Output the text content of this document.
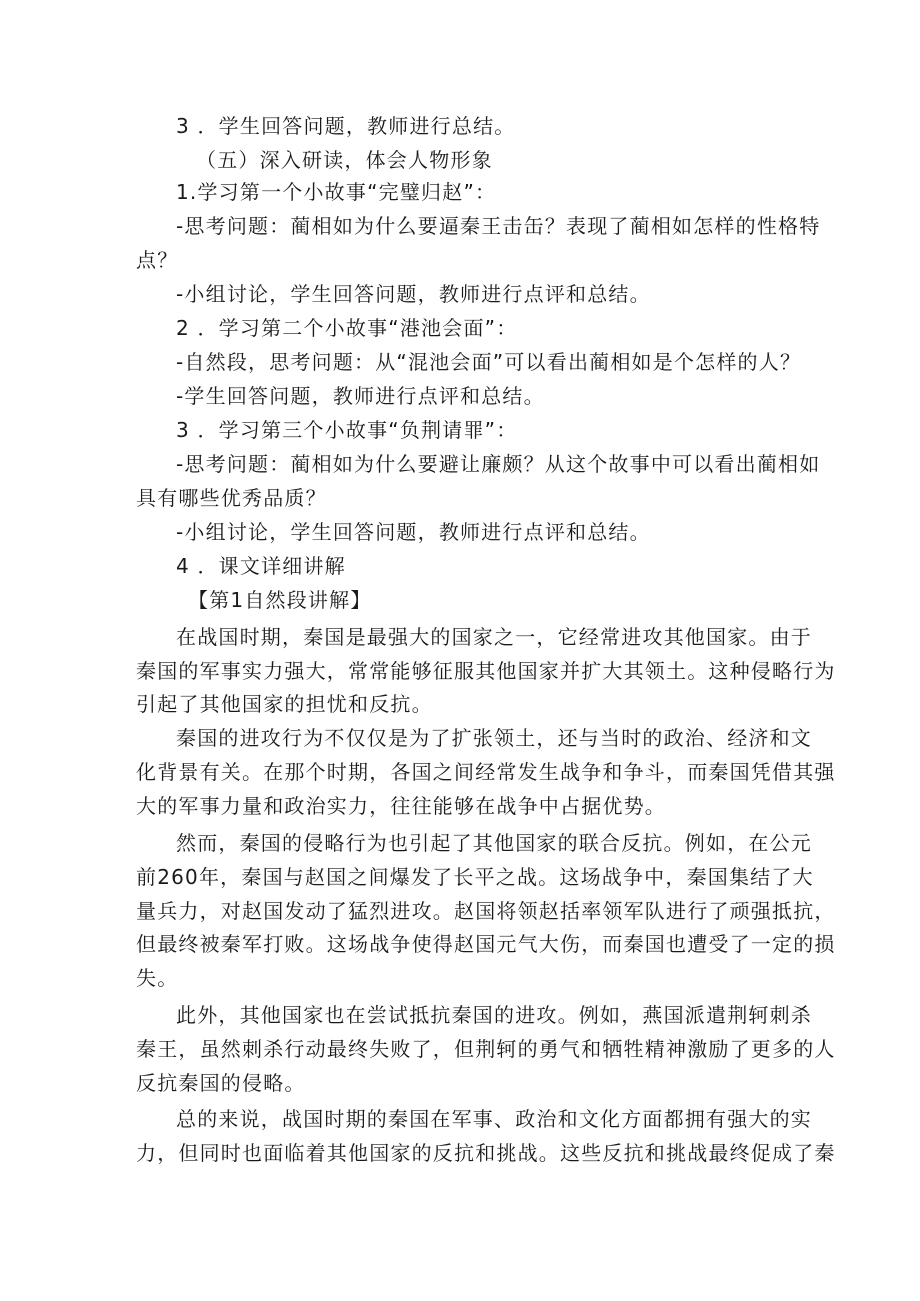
3 ．学生回答问题，教师进行总结。
（五）深入研读，体会人物形象
1.学习第一个小故事“完璧归赵”：
-思考问题：蔺相如为什么要逼秦王击缶？表现了蔺相如怎样的性格特
点？
-小组讨论，学生回答问题，教师进行点评和总结。
2 ．学习第二个小故事“港池会面”：
-自然段，思考问题：从“混池会面”可以看出蔺相如是个怎样的人？
-学生回答问题，教师进行点评和总结。
3 ．学习第三个小故事“负荆请罪”：
-思考问题：蔺相如为什么要避让廉颇？从这个故事中可以看出蔺相如
具有哪些优秀品质？
-小组讨论，学生回答问题，教师进行点评和总结。
4 ．课文详细讲解
【第1自然段讲解】
在战国时期，秦国是最强大的国家之一，它经常进攻其他国家。由于
秦国的军事实力强大，常常能够征服其他国家并扩大其领土。这种侵略行为
引起了其他国家的担忧和反抗。
秦国的进攻行为不仅仅是为了扩张领土，还与当时的政治、经济和文
化背景有关。在那个时期，各国之间经常发生战争和争斗，而秦国凭借其强
大的军事力量和政治实力，往往能够在战争中占据优势。
然而，秦国的侵略行为也引起了其他国家的联合反抗。例如，在公元
前260年，秦国与赵国之间爆发了长平之战。这场战争中，秦国集结了大
量兵力，对赵国发动了猛烈进攻。赵国将领赵括率领军队进行了顽强抵抗，
但最终被秦军打败。这场战争使得赵国元气大伤，而秦国也遭受了一定的损
失。
此外，其他国家也在尝试抵抗秦国的进攻。例如，燕国派遣荆轲刺杀
秦王，虽然刺杀行动最终失败了，但荆轲的勇气和牺牲精神激励了更多的人
反抗秦国的侵略。
总的来说，战国时期的秦国在军事、政治和文化方面都拥有强大的实
力，但同时也面临着其他国家的反抗和挑战。这些反抗和挑战最终促成了秦
